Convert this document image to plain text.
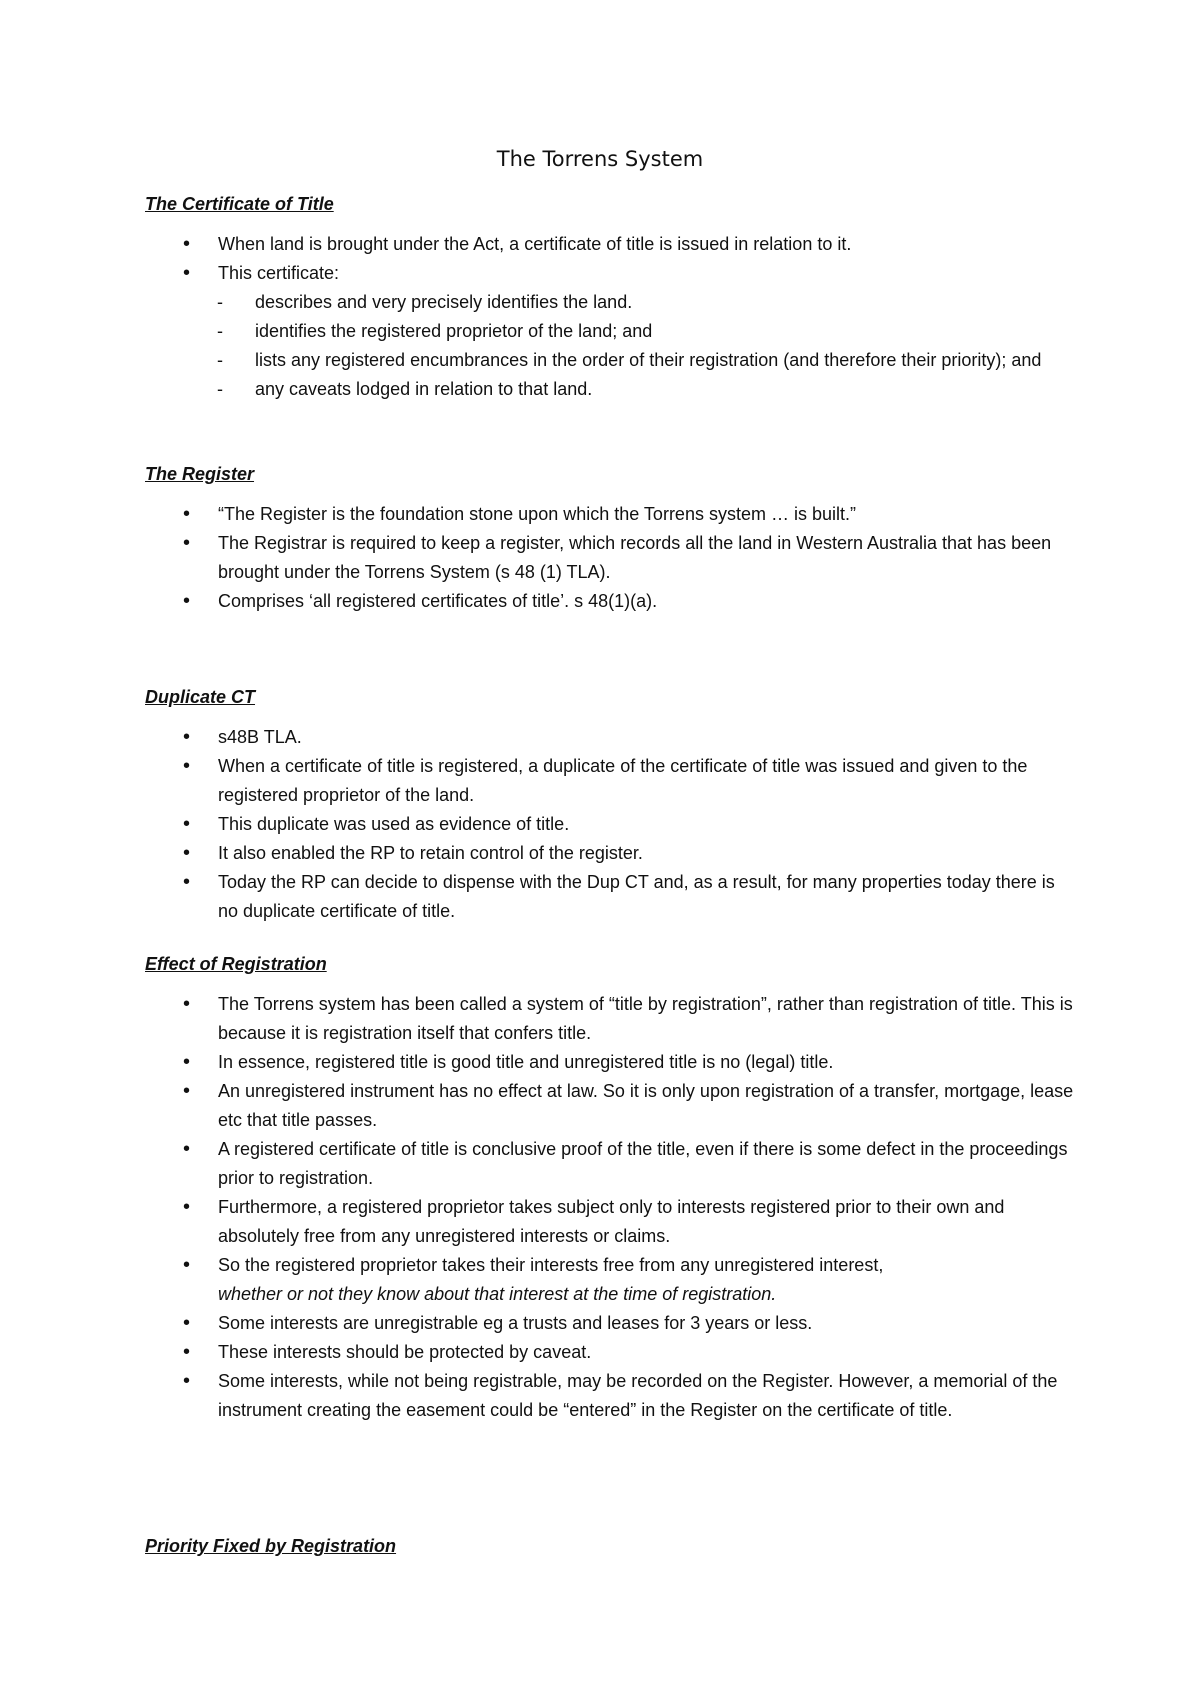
The Torrens System
The Certificate of Title
• When land is brought under the Act, a certificate of title is issued in relation to it.
• This certificate:
- describes and very precisely identifies the land.
- identifies the registered proprietor of the land; and
- lists any registered encumbrances in the order of their registration (and therefore their priority); and
- any caveats lodged in relation to that land.
The Register
• “The Register is the foundation stone upon which the Torrens system … is built.”
• The Registrar is required to keep a register, which records all the land in Western Australia that has been brought under the Torrens System (s 48 (1) TLA).
• Comprises ‘all registered certificates of title’. s 48(1)(a).
Duplicate CT
• s48B TLA.
• When a certificate of title is registered, a duplicate of the certificate of title was issued and given to the registered proprietor of the land.
• This duplicate was used as evidence of title.
• It also enabled the RP to retain control of the register.
• Today the RP can decide to dispense with the Dup CT and, as a result, for many properties today there is no duplicate certificate of title.
Effect of Registration
• The Torrens system has been called a system of “title by registration”, rather than registration of title. This is because it is registration itself that confers title.
• In essence, registered title is good title and unregistered title is no (legal) title.
• An unregistered instrument has no effect at law. So it is only upon registration of a transfer, mortgage, lease etc that title passes.
• A registered certificate of title is conclusive proof of the title, even if there is some defect in the proceedings prior to registration.
• Furthermore, a registered proprietor takes subject only to interests registered prior to their own and absolutely free from any unregistered interests or claims.
• So the registered proprietor takes their interests free from any unregistered interest,
whether or not they know about that interest at the time of registration.
• Some interests are unregistrable eg a trusts and leases for 3 years or less.
• These interests should be protected by caveat.
• Some interests, while not being registrable, may be recorded on the Register. However, a memorial of the instrument creating the easement could be “entered” in the Register on the certificate of title.
Priority Fixed by Registration
